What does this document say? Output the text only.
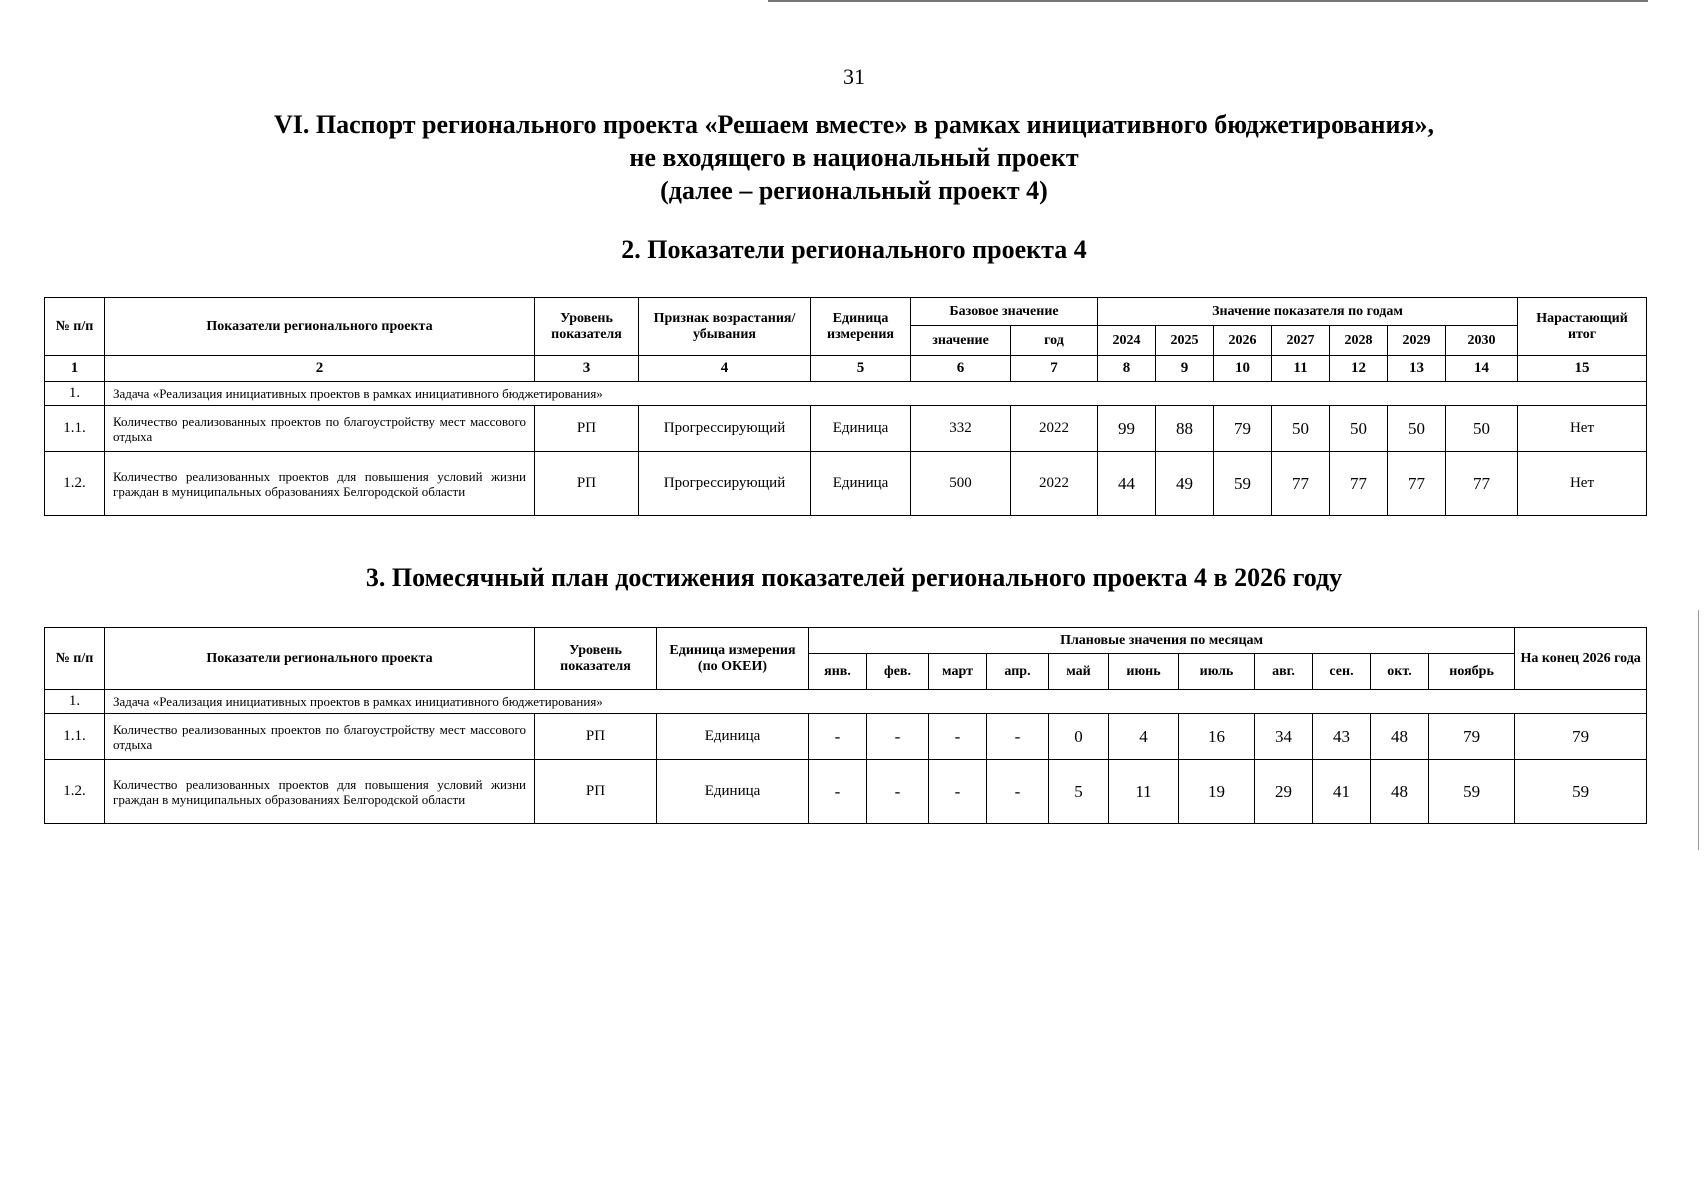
31
VI. Паспорт регионального проекта «Решаем вместе» в рамках инициативного бюджетирования»,
не входящего в национальный проект
(далее – региональный проект 4)
2. Показатели регионального проекта 4
№ п/п	Показатели регионального проекта	Уровень показателя	Признак возрастания/ убывания	Единица измерения	Базовое значение		Значение показателя по годам							Нарастающий итог
					значение	год	2024	2025	2026	2027	2028	2029	2030	
1	2	3	4	5	6	7	8	9	10	11	12	13	14	15
1.	Задача «Реализация инициативных проектов в рамках инициативного бюджетирования»													
1.1.	Количество реализованных проектов по благоустройству мест массового отдыха	РП	Прогрессирующий	Единица	332	2022	99	88	79	50	50	50	50	Нет
1.2.	Количество реализованных проектов для повышения условий жизни граждан в муниципальных образованиях Белгородской области	РП	Прогрессирующий	Единица	500	2022	44	49	59	77	77	77	77	Нет
3. Помесячный план достижения показателей регионального проекта 4 в 2026 году
№ п/п	Показатели регионального проекта	Уровень показателя	Единица измерения (по ОКЕИ)	Плановые значения по месяцам											На конец 2026 года
				янв.	фев.	март	апр.	май	июнь	июль	авг.	сен.	окт.	ноябрь	
1.	Задача «Реализация инициативных проектов в рамках инициативного бюджетирования»														
1.1.	Количество реализованных проектов по благоустройству мест массового отдыха	РП	Единица	-	-	-	-	0	4	16	34	43	48	79	79
1.2.	Количество реализованных проектов для повышения условий жизни граждан в муниципальных образованиях Белгородской области	РП	Единица	-	-	-	-	5	11	19	29	41	48	59	59
